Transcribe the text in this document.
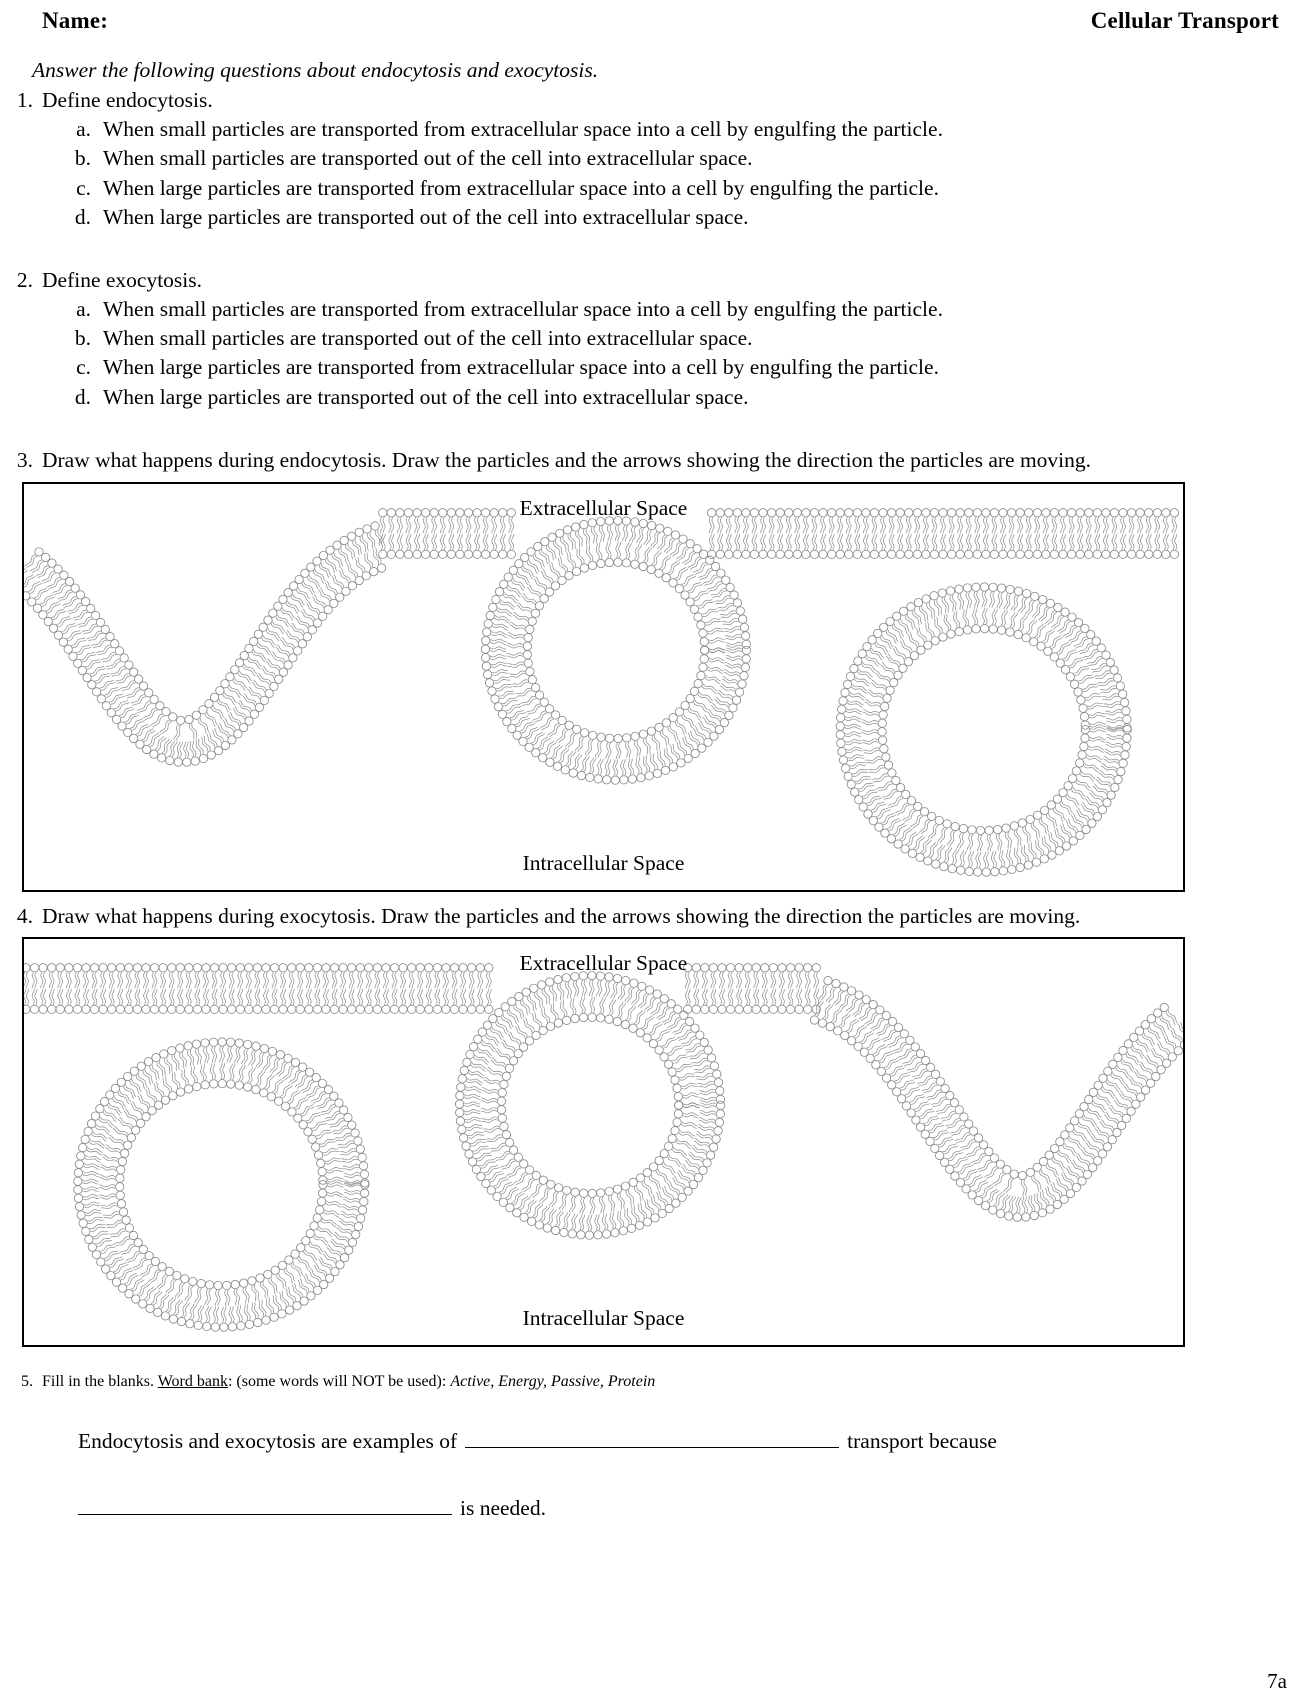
Name:	Cellular Transport
Answer the following questions about endocytosis and exocytosis.
1. Define endocytosis.
a. When small particles are transported from extracellular space into a cell by engulfing the particle.
b. When small particles are transported out of the cell into extracellular space.
c. When large particles are transported from extracellular space into a cell by engulfing the particle.
d. When large particles are transported out of the cell into extracellular space.
2. Define exocytosis.
a. When small particles are transported from extracellular space into a cell by engulfing the particle.
b. When small particles are transported out of the cell into extracellular space.
c. When large particles are transported from extracellular space into a cell by engulfing the particle.
d. When large particles are transported out of the cell into extracellular space.
3. Draw what happens during endocytosis. Draw the particles and the arrows showing the direction the particles are moving.
Extracellular Space
Intracellular Space
4. Draw what happens during exocytosis. Draw the particles and the arrows showing the direction the particles are moving.
Extracellular Space
Intracellular Space
5. Fill in the blanks. Word bank: (some words will NOT be used): Active, Energy, Passive, Protein
Endocytosis and exocytosis are examples of	transport because
is needed.
7a
